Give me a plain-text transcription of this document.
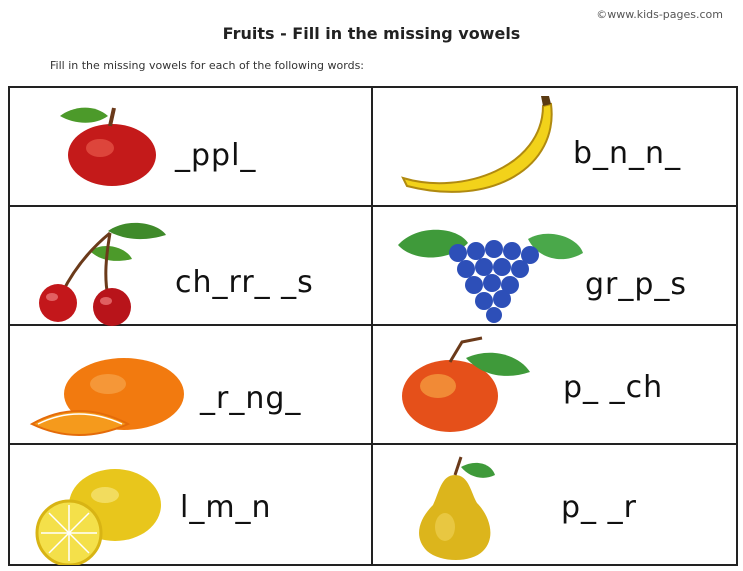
©www.kids-pages.com
Fruits - Fill in the missing vowels
Fill in the missing vowels for each of the following words:
_ppl_	b_n_n_
ch_rr_ _s	gr_p_s
_r_ng_	p_ _ch
l_m_n	p_ _r
